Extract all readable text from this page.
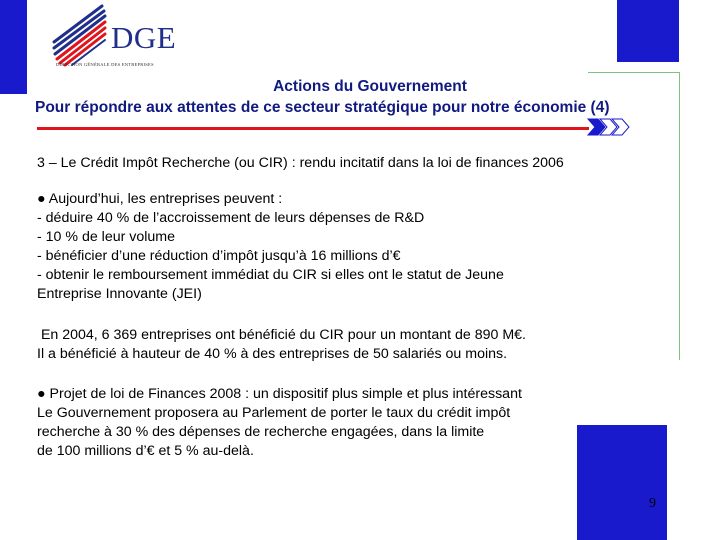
DGE
DIRECTION GÉNÉRALE DES ENTREPRISES
Actions du Gouvernement
Pour répondre aux attentes de ce secteur stratégique pour notre économie (4)
3 – Le Crédit Impôt Recherche (ou CIR) : rendu incitatif dans la loi de finances 2006
● Aujourd’hui, les entreprises peuvent :
- déduire 40 % de l’accroissement de leurs dépenses de R&D
- 10 % de leur volume
- bénéficier d’une réduction d’impôt jusqu’à 16 millions d’€
- obtenir le remboursement immédiat du CIR si elles ont le statut de Jeune
Entreprise Innovante (JEI)
En 2004, 6 369 entreprises ont bénéficié du CIR pour un montant de 890 M€.
Il a bénéficié à hauteur de 40 % à des entreprises de 50 salariés ou moins.
● Projet de loi de Finances 2008 : un dispositif plus simple et plus intéressant
Le Gouvernement proposera au Parlement de porter le taux du crédit impôt
recherche à 30 % des dépenses de recherche engagées, dans la limite
de 100 millions d’€ et 5 % au-delà.
9
